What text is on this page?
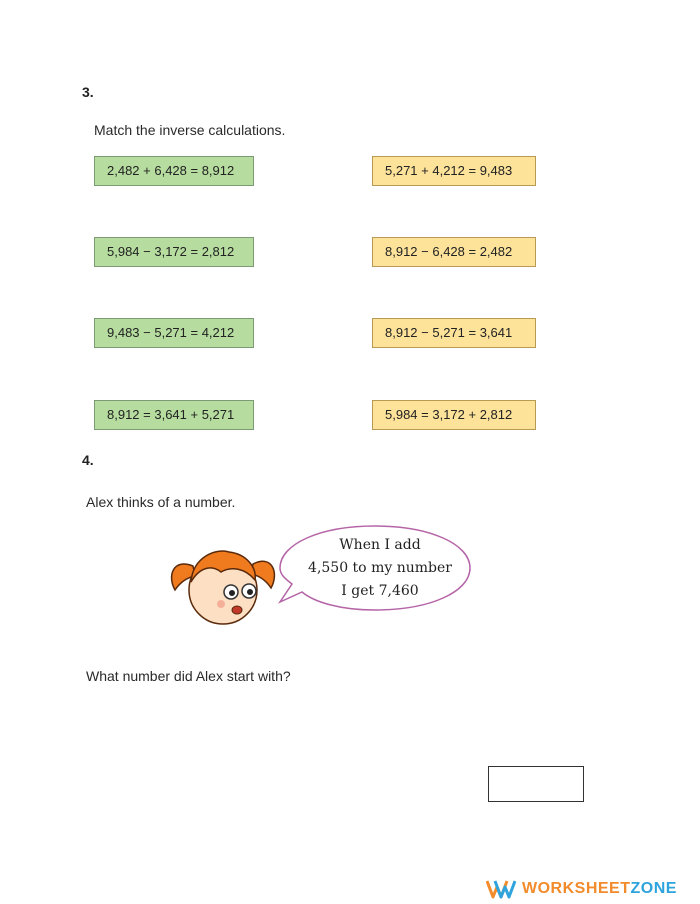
3.
Match the inverse calculations.
2,482 + 6,428 = 8,912
5,984 − 3,172 = 2,812
9,483 − 5,271 = 4,212
8,912 = 3,641 + 5,271
5,271 + 4,212 = 9,483
8,912 − 6,428 = 2,482
8,912 − 5,271 = 3,641
5,984 = 3,172 + 2,812
4.
Alex thinks of a number.
When I add
4,550 to my number
I get 7,460
What number did Alex start with?
WORKSHEET ZONE
